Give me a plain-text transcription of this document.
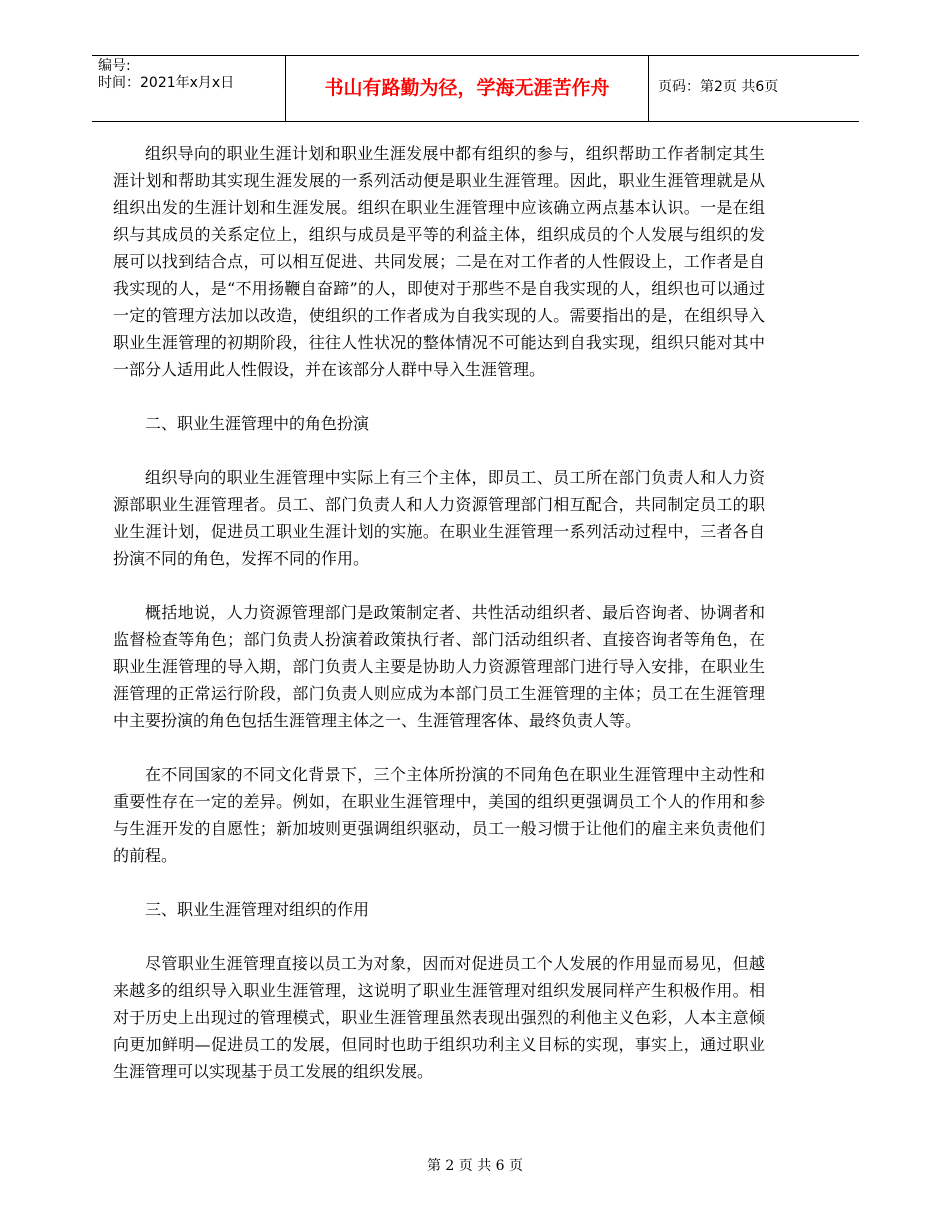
编号:
时间：2021年x月x日	书山有路勤为径，学海无涯苦作舟	页码：第2页 共6页

组织导向的职业生涯计划和职业生涯发展中都有组织的参与，组织帮助工作者制定其生涯计划和帮助其实现生涯发展的一系列活动便是职业生涯管理。因此，职业生涯管理就是从组织出发的生涯计划和生涯发展。组织在职业生涯管理中应该确立两点基本认识。一是在组织与其成员的关系定位上，组织与成员是平等的利益主体，组织成员的个人发展与组织的发展可以找到结合点，可以相互促进、共同发展；二是在对工作者的人性假设上，工作者是自我实现的人，是“不用扬鞭自奋蹄”的人，即使对于那些不是自我实现的人，组织也可以通过一定的管理方法加以改造，使组织的工作者成为自我实现的人。需要指出的是，在组织导入职业生涯管理的初期阶段，往往人性状况的整体情况不可能达到自我实现，组织只能对其中一部分人适用此人性假设，并在该部分人群中导入生涯管理。

二、职业生涯管理中的角色扮演

组织导向的职业生涯管理中实际上有三个主体，即员工、员工所在部门负责人和人力资源部职业生涯管理者。员工、部门负责人和人力资源管理部门相互配合，共同制定员工的职业生涯计划，促进员工职业生涯计划的实施。在职业生涯管理一系列活动过程中，三者各自扮演不同的角色，发挥不同的作用。

概括地说，人力资源管理部门是政策制定者、共性活动组织者、最后咨询者、协调者和监督检查等角色；部门负责人扮演着政策执行者、部门活动组织者、直接咨询者等角色，在职业生涯管理的导入期，部门负责人主要是协助人力资源管理部门进行导入安排，在职业生涯管理的正常运行阶段，部门负责人则应成为本部门员工生涯管理的主体；员工在生涯管理中主要扮演的角色包括生涯管理主体之一、生涯管理客体、最终负责人等。

在不同国家的不同文化背景下，三个主体所扮演的不同角色在职业生涯管理中主动性和重要性存在一定的差异。例如，在职业生涯管理中，美国的组织更强调员工个人的作用和参与生涯开发的自愿性；新加坡则更强调组织驱动，员工一般习惯于让他们的雇主来负责他们的前程。

三、职业生涯管理对组织的作用

尽管职业生涯管理直接以员工为对象，因而对促进员工个人发展的作用显而易见，但越来越多的组织导入职业生涯管理，这说明了职业生涯管理对组织发展同样产生积极作用。相对于历史上出现过的管理模式，职业生涯管理虽然表现出强烈的利他主义色彩，人本主意倾向更加鲜明—促进员工的发展，但同时也助于组织功利主义目标的实现，事实上，通过职业生涯管理可以实现基于员工发展的组织发展。

第 2 页 共 6 页
